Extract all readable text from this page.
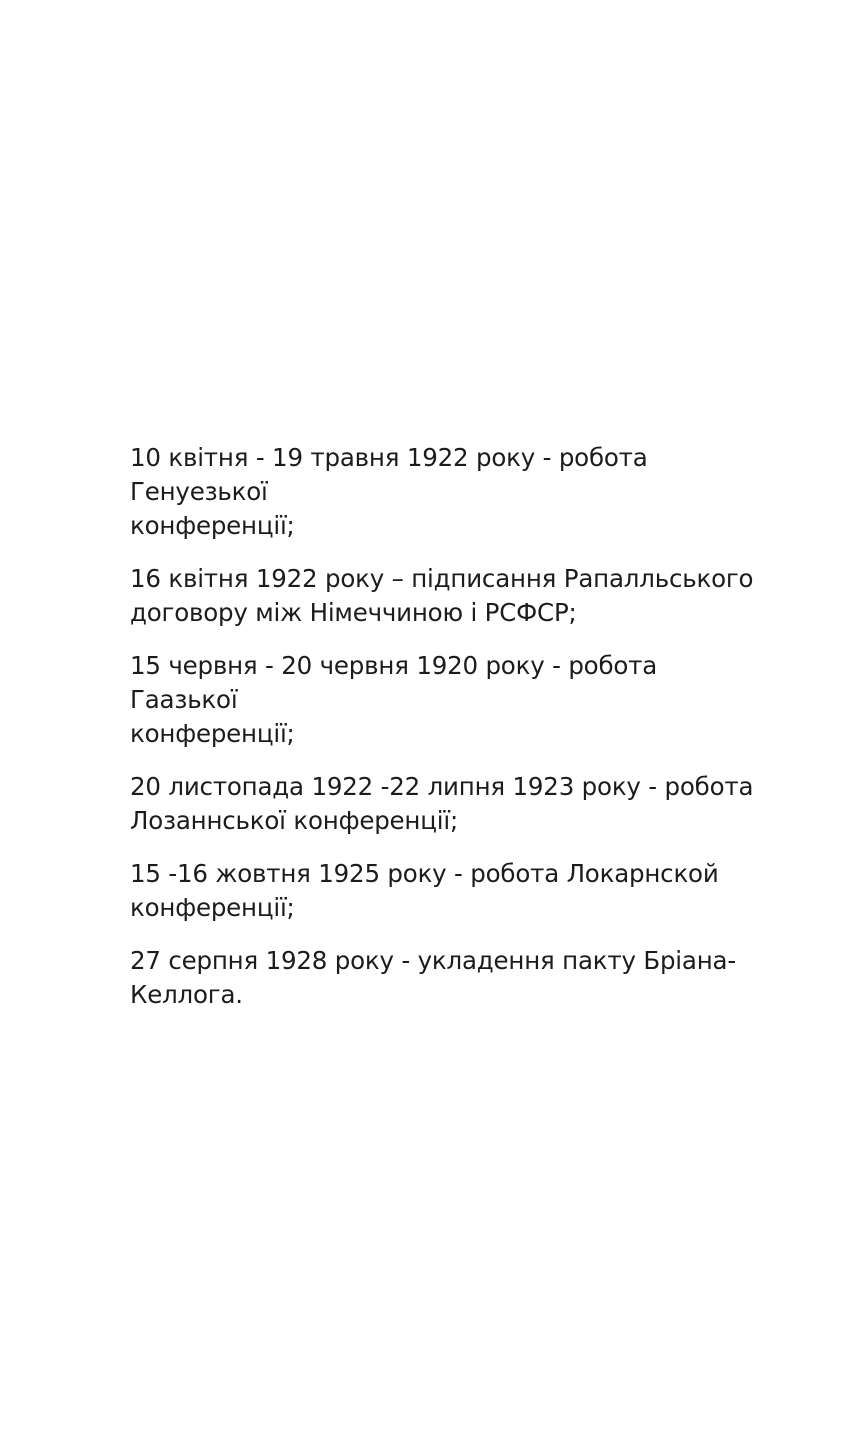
10 квітня - 19 травня 1922 року - робота Генуезької
конференції;

16 квітня 1922 року – підписання Рапалльського
договору між Німеччиною і РСФСР;

15 червня - 20 червня 1920 року - робота Гаазької
конференції;

20 листопада 1922 -22 липня 1923 року - робота
Лозаннської конференції;

15 -16 жовтня 1925 року - робота Локарнской
конференції;

27 серпня 1928 року - укладення пакту Бріана-
Келлога.
